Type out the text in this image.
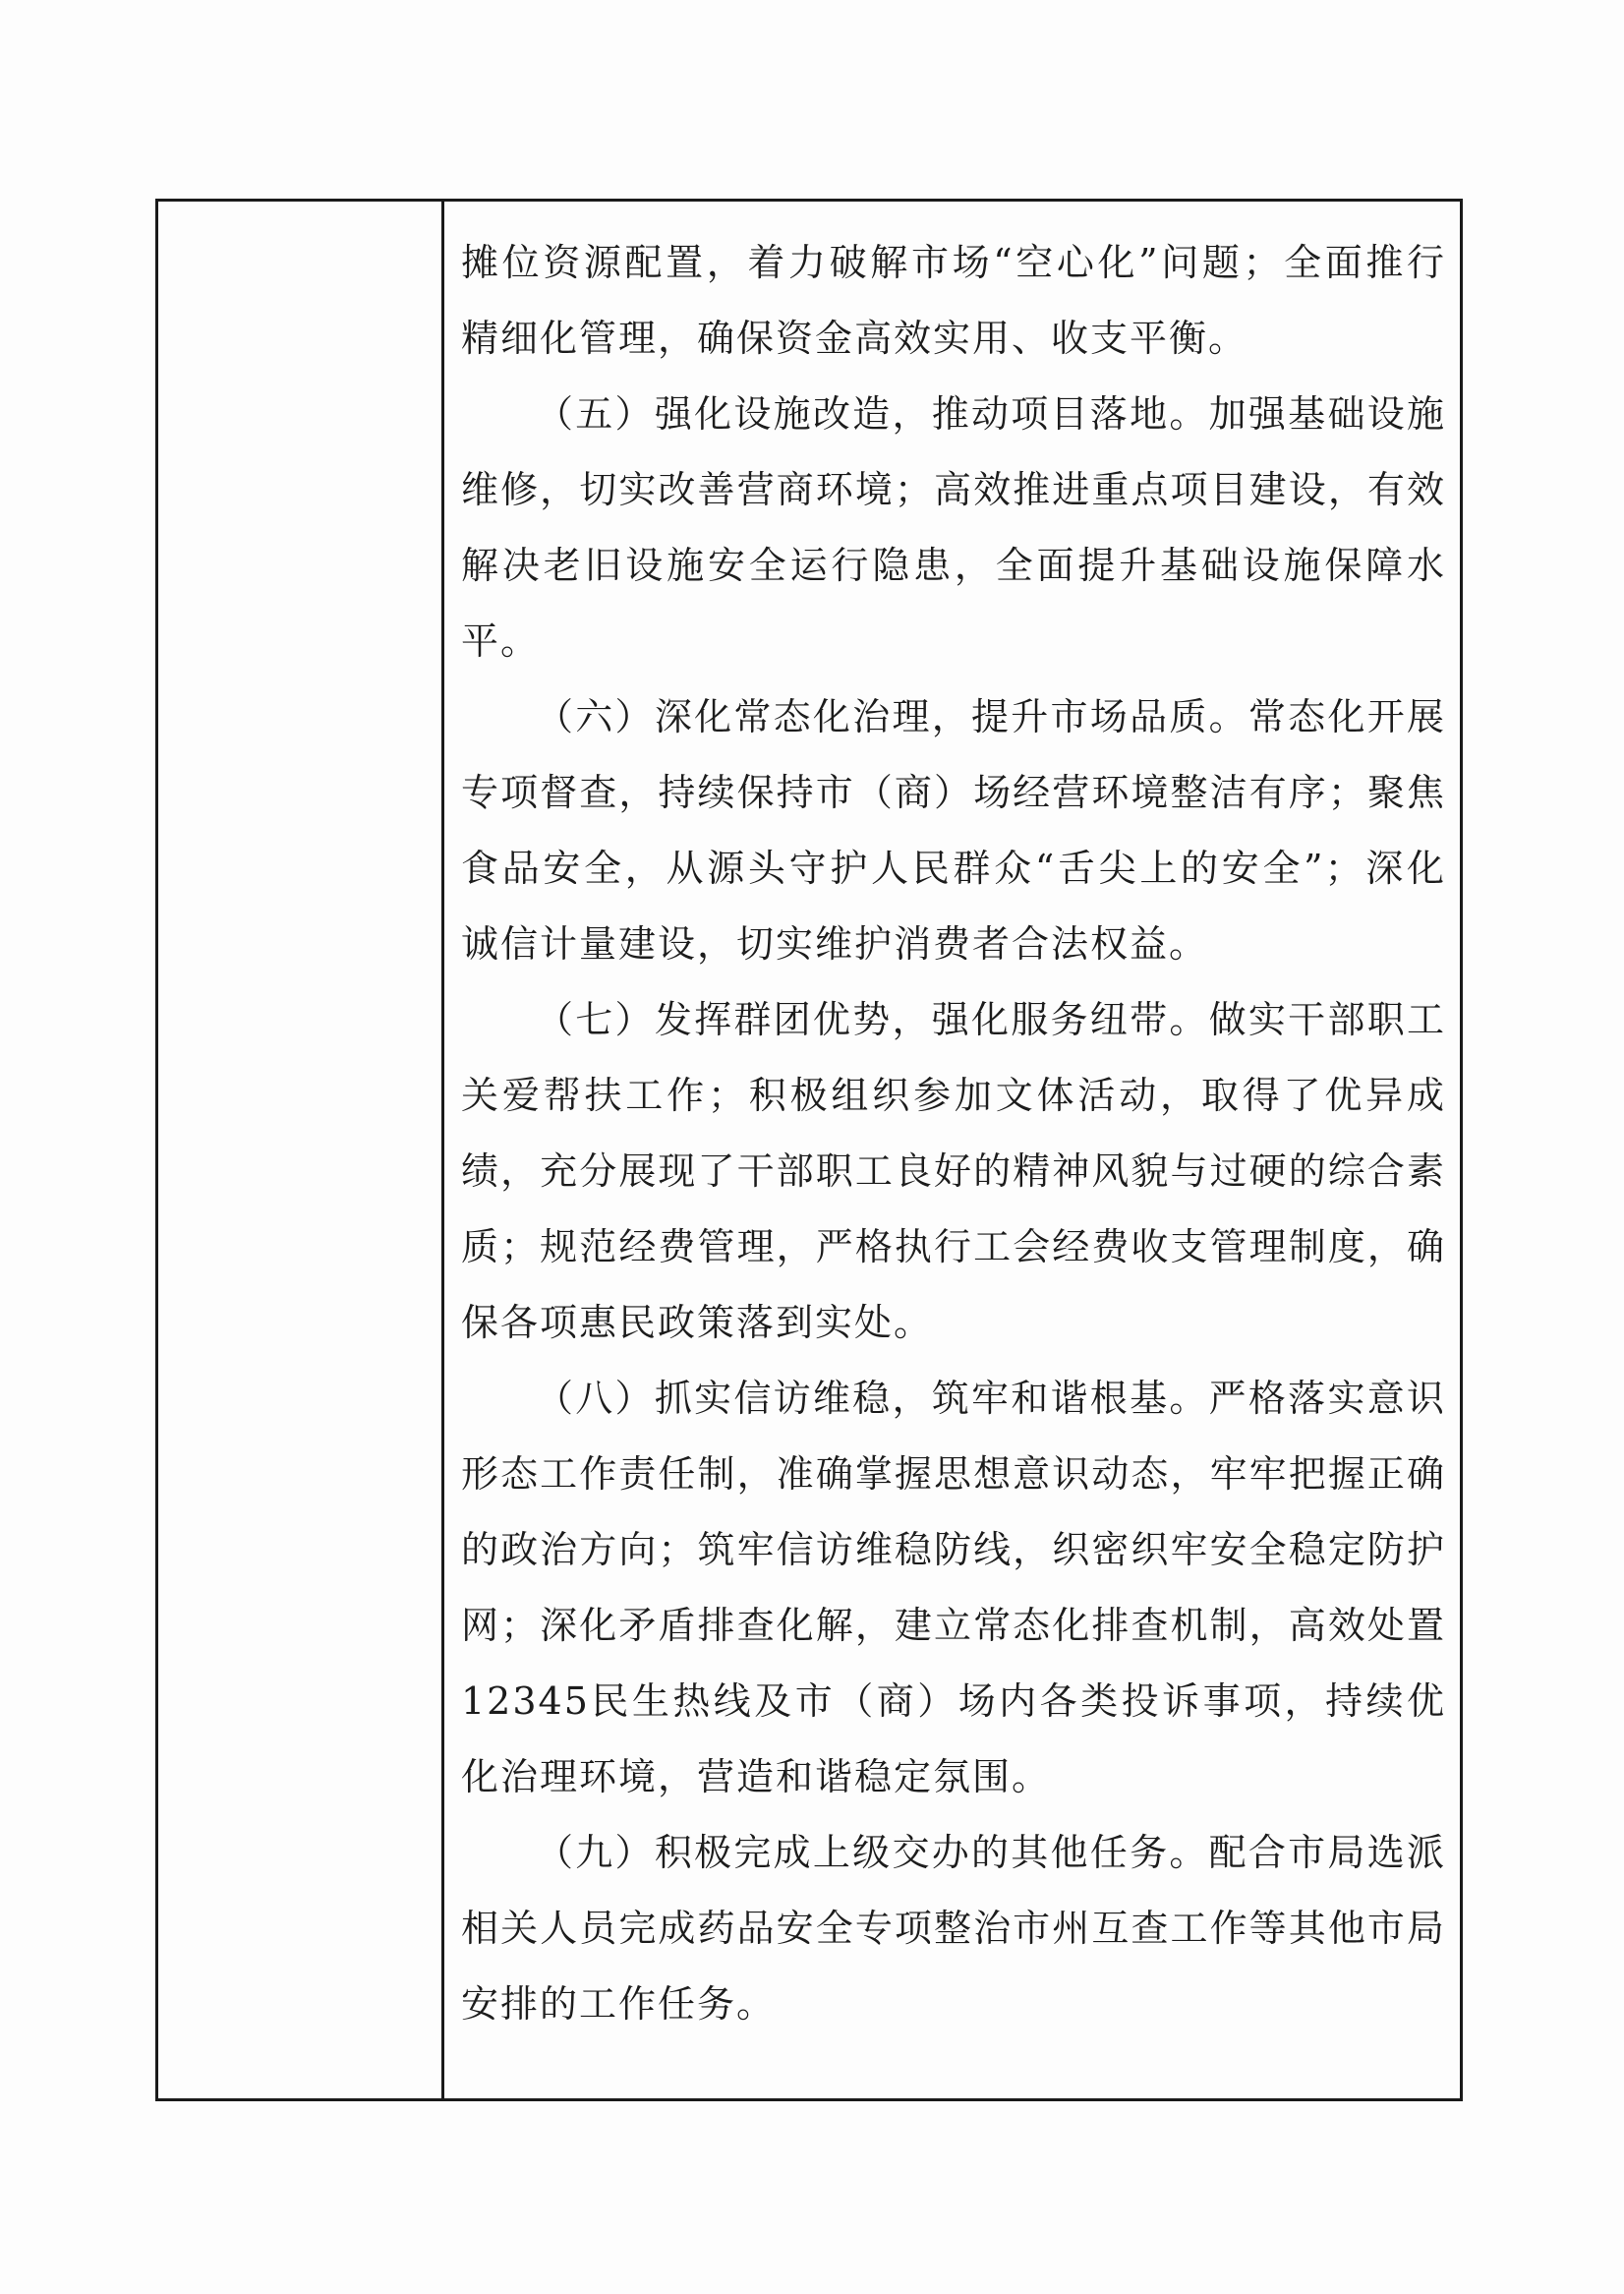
摊位资源配置，着力破解市场“空心化”问题；全面推行精细化管理，确保资金高效实用、收支平衡。

（五）强化设施改造，推动项目落地。加强基础设施维修，切实改善营商环境；高效推进重点项目建设，有效解决老旧设施安全运行隐患，全面提升基础设施保障水平。

（六）深化常态化治理，提升市场品质。常态化开展专项督查，持续保持市（商）场经营环境整洁有序；聚焦食品安全，从源头守护人民群众“舌尖上的安全”；深化诚信计量建设，切实维护消费者合法权益。

（七）发挥群团优势，强化服务纽带。做实干部职工关爱帮扶工作；积极组织参加文体活动，取得了优异成绩，充分展现了干部职工良好的精神风貌与过硬的综合素质；规范经费管理，严格执行工会经费收支管理制度，确保各项惠民政策落到实处。

（八）抓实信访维稳，筑牢和谐根基。严格落实意识形态工作责任制，准确掌握思想意识动态，牢牢把握正确的政治方向；筑牢信访维稳防线，织密织牢安全稳定防护网；深化矛盾排查化解，建立常态化排查机制，高效处置12345民生热线及市（商）场内各类投诉事项，持续优化治理环境，营造和谐稳定氛围。

（九）积极完成上级交办的其他任务。配合市局选派相关人员完成药品安全专项整治市州互查工作等其他市局安排的工作任务。
